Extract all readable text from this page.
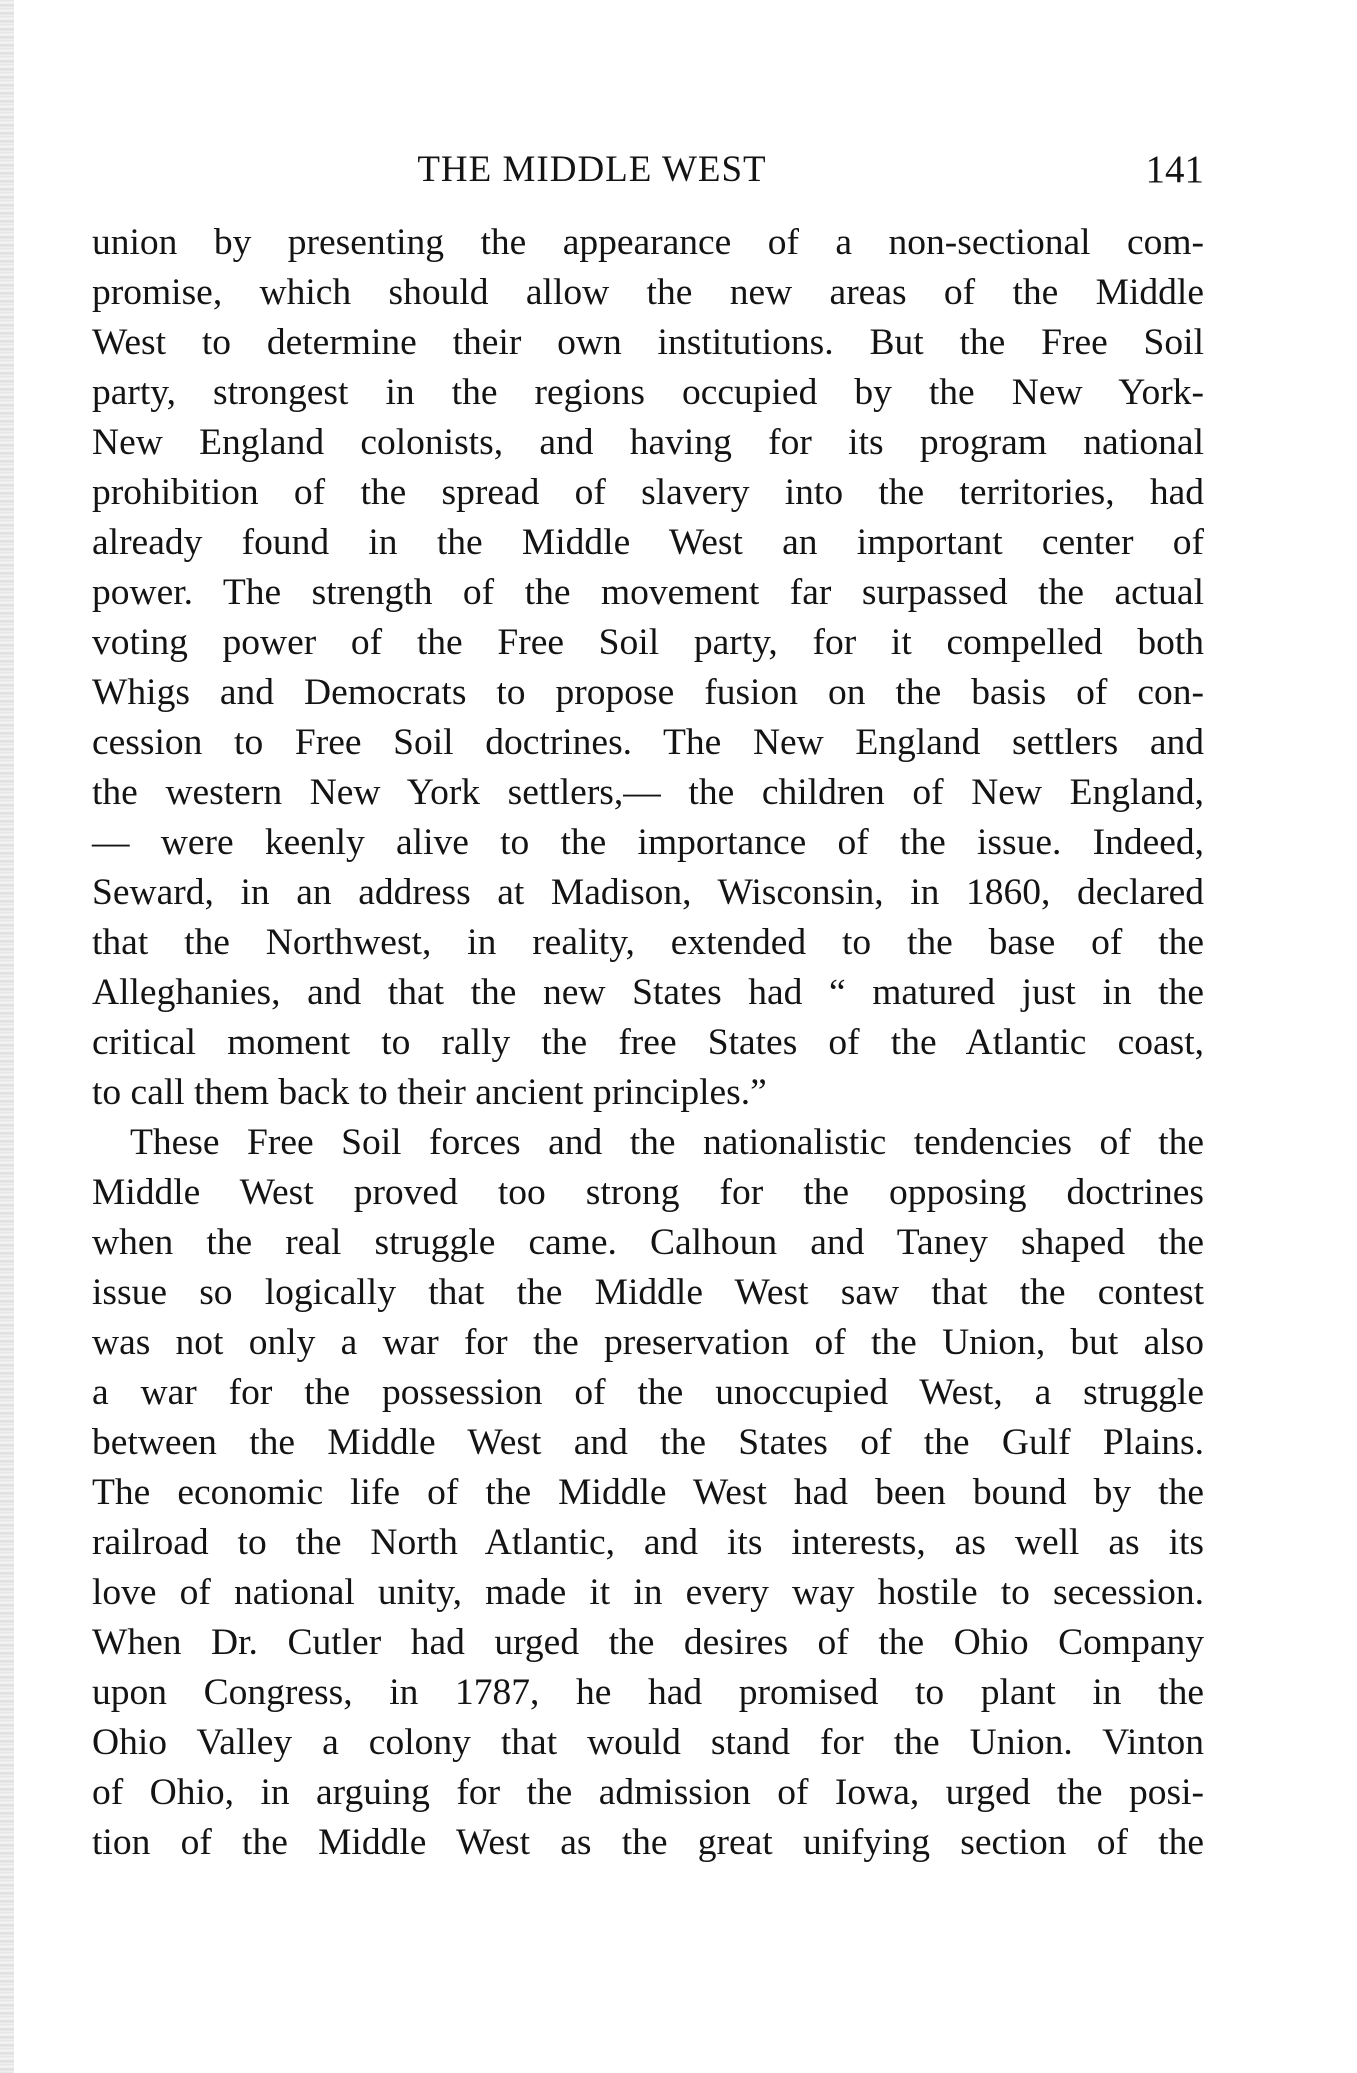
THE MIDDLE WEST	141
union by presenting the appearance of a non-sectional com-
promise, which should allow the new areas of the Middle
West to determine their own institutions. But the Free Soil
party, strongest in the regions occupied by the New York-
New England colonists, and having for its program national
prohibition of the spread of slavery into the territories, had
already found in the Middle West an important center of
power. The strength of the movement far surpassed the actual
voting power of the Free Soil party, for it compelled both
Whigs and Democrats to propose fusion on the basis of con-
cession to Free Soil doctrines. The New England settlers and
the western New York settlers,— the children of New England,
— were keenly alive to the importance of the issue. Indeed,
Seward, in an address at Madison, Wisconsin, in 1860, declared
that the Northwest, in reality, extended to the base of the
Alleghanies, and that the new States had “ matured just in the
critical moment to rally the free States of the Atlantic coast,
to call them back to their ancient principles.”
These Free Soil forces and the nationalistic tendencies of the
Middle West proved too strong for the opposing doctrines
when the real struggle came. Calhoun and Taney shaped the
issue so logically that the Middle West saw that the contest
was not only a war for the preservation of the Union, but also
a war for the possession of the unoccupied West, a struggle
between the Middle West and the States of the Gulf Plains.
The economic life of the Middle West had been bound by the
railroad to the North Atlantic, and its interests, as well as its
love of national unity, made it in every way hostile to secession.
When Dr. Cutler had urged the desires of the Ohio Company
upon Congress, in 1787, he had promised to plant in the
Ohio Valley a colony that would stand for the Union. Vinton
of Ohio, in arguing for the admission of Iowa, urged the posi-
tion of the Middle West as the great unifying section of the
